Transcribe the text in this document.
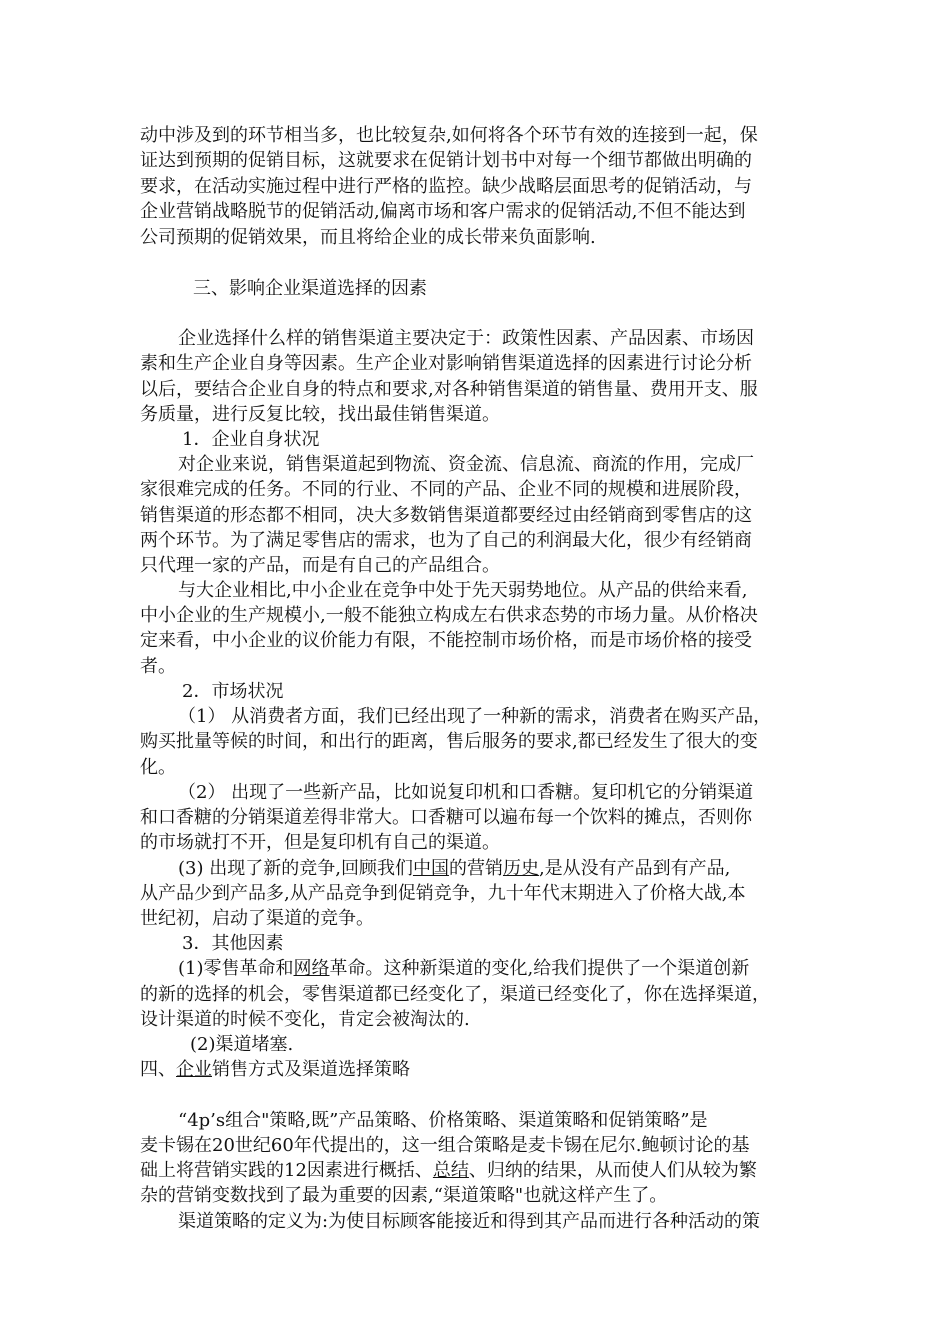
动中涉及到的环节相当多，也比较复杂,如何将各个环节有效的连接到一起，保
证达到预期的促销目标，这就要求在促销计划书中对每一个细节都做出明确的
要求，在活动实施过程中进行严格的监控。缺少战略层面思考的促销活动，与
企业营销战略脱节的促销活动,偏离市场和客户需求的促销活动,不但不能达到
公司预期的促销效果，而且将给企业的成长带来负面影响.
三、影响企业渠道选择的因素
企业选择什么样的销售渠道主要决定于：政策性因素、产品因素、市场因
素和生产企业自身等因素。生产企业对影响销售渠道选择的因素进行讨论分析
以后，要结合企业自身的特点和要求,对各种销售渠道的销售量、费用开支、服
务质量，进行反复比较，找出最佳销售渠道。
1．企业自身状况
对企业来说，销售渠道起到物流、资金流、信息流、商流的作用，完成厂
家很难完成的任务。不同的行业、不同的产品、企业不同的规模和进展阶段，
销售渠道的形态都不相同，决大多数销售渠道都要经过由经销商到零售店的这
两个环节。为了满足零售店的需求，也为了自己的利润最大化，很少有经销商
只代理一家的产品，而是有自己的产品组合。
与大企业相比,中小企业在竞争中处于先天弱势地位。从产品的供给来看,
中小企业的生产规模小,一般不能独立构成左右供求态势的市场力量。从价格决
定来看，中小企业的议价能力有限，不能控制市场价格，而是市场价格的接受
者。
2．市场状况
（1） 从消费者方面，我们已经出现了一种新的需求，消费者在购买产品，
购买批量等候的时间，和出行的距离，售后服务的要求,都已经发生了很大的变
化。
（2） 出现了一些新产品，比如说复印机和口香糖。复印机它的分销渠道
和口香糖的分销渠道差得非常大。口香糖可以遍布每一个饮料的摊点，否则你
的市场就打不开，但是复印机有自己的渠道。
(3) 出现了新的竞争,回顾我们中国的营销历史,是从没有产品到有产品,
从产品少到产品多,从产品竞争到促销竞争，九十年代末期进入了价格大战,本
世纪初，启动了渠道的竞争。
3．其他因素
(1)零售革命和网络革命。这种新渠道的变化,给我们提供了一个渠道创新
的新的选择的机会，零售渠道都已经变化了，渠道已经变化了，你在选择渠道，
设计渠道的时候不变化，肯定会被淘汰的.
(2)渠道堵塞.
四、企业销售方式及渠道选择策略
“4p’s组合"策略,既”产品策略、价格策略、渠道策略和促销策略”是
麦卡锡在20世纪60年代提出的，这一组合策略是麦卡锡在尼尔.鲍顿讨论的基
础上将营销实践的12因素进行概括、总结、归纳的结果，从而使人们从较为繁
杂的营销变数找到了最为重要的因素,“渠道策略"也就这样产生了。
渠道策略的定义为:为使目标顾客能接近和得到其产品而进行各种活动的策
